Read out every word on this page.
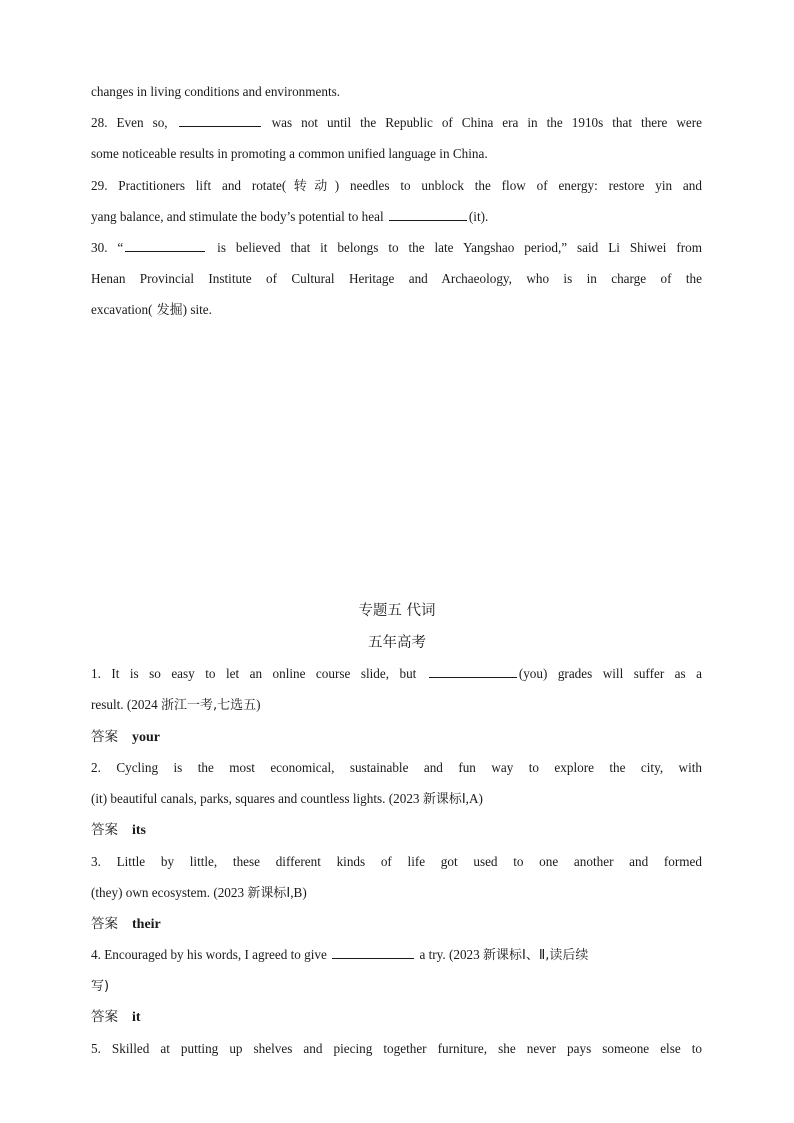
changes in living conditions and environments.
28. Even so,	was not until the Republic of China era in the 1910s that there were
some noticeable results in promoting a common unified language in China.
29. Practitioners lift and rotate(转动) needles to unblock the flow of energy: restore yin and
yang balance, and stimulate the body’s potential to heal	(it).
30. “	is believed that it belongs to the late Yangshao period,” said Li Shiwei from
Henan Provincial Institute of Cultural Heritage and Archaeology, who is in charge of the
excavation( 发掘) site.
专题五 代词
五年高考
1. It is so easy to let an online course slide, but	(you) grades will suffer as a
result. (2024 浙江一考,七选五)
答案 your
2. Cycling is the most economical, sustainable and fun way to explore the city, with
(it) beautiful canals, parks, squares and countless lights. (2023 新课标Ⅰ,A)
答案 its
3. Little by little, these different kinds of life got used to one another and formed
(they) own ecosystem. (2023 新课标Ⅰ,B)
答案 their
4. Encouraged by his words, I agreed to give	a try. (2023 新课标Ⅰ、Ⅱ,读后续
写)
答案 it
5. Skilled at putting up shelves and piecing together furniture, she never pays someone else to
